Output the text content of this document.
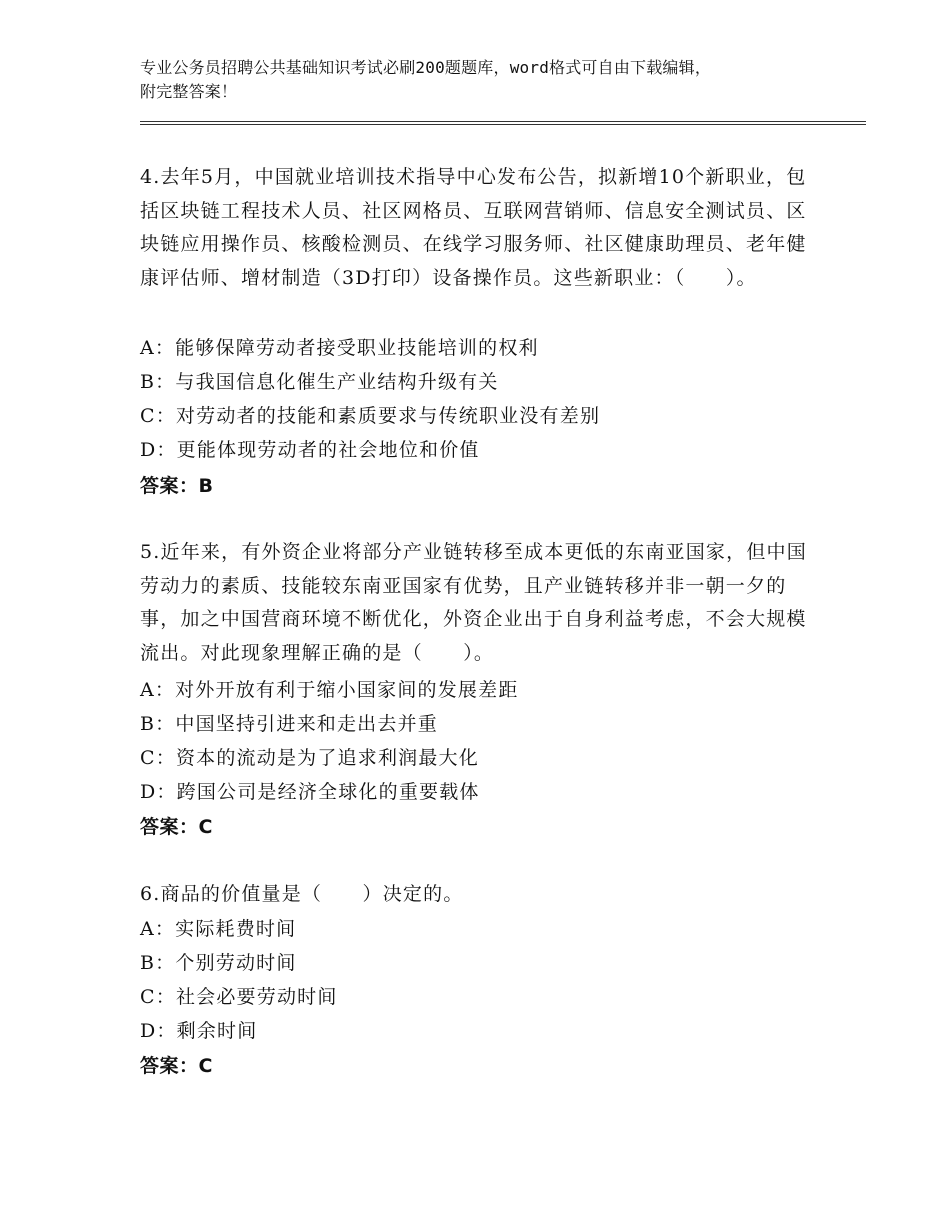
专业公务员招聘公共基础知识考试必刷200题题库，word格式可自由下载编辑，
附完整答案！
4.去年5月，中国就业培训技术指导中心发布公告，拟新增10个新职业，包括区块链工程技术人员、社区网格员、互联网营销师、信息安全测试员、区块链应用操作员、核酸检测员、在线学习服务师、社区健康助理员、老年健康评估师、增材制造（3D打印）设备操作员。这些新职业：（　　）。
A：能够保障劳动者接受职业技能培训的权利
B：与我国信息化催生产业结构升级有关
C：对劳动者的技能和素质要求与传统职业没有差别
D：更能体现劳动者的社会地位和价值
答案：B
5.近年来，有外资企业将部分产业链转移至成本更低的东南亚国家，但中国劳动力的素质、技能较东南亚国家有优势，且产业链转移并非一朝一夕的事，加之中国营商环境不断优化，外资企业出于自身利益考虑，不会大规模流出。对此现象理解正确的是（　　）。
A：对外开放有利于缩小国家间的发展差距
B：中国坚持引进来和走出去并重
C：资本的流动是为了追求利润最大化
D：跨国公司是经济全球化的重要载体
答案：C
6.商品的价值量是（　　）决定的。
A：实际耗费时间
B：个别劳动时间
C：社会必要劳动时间
D：剩余时间
答案：C
